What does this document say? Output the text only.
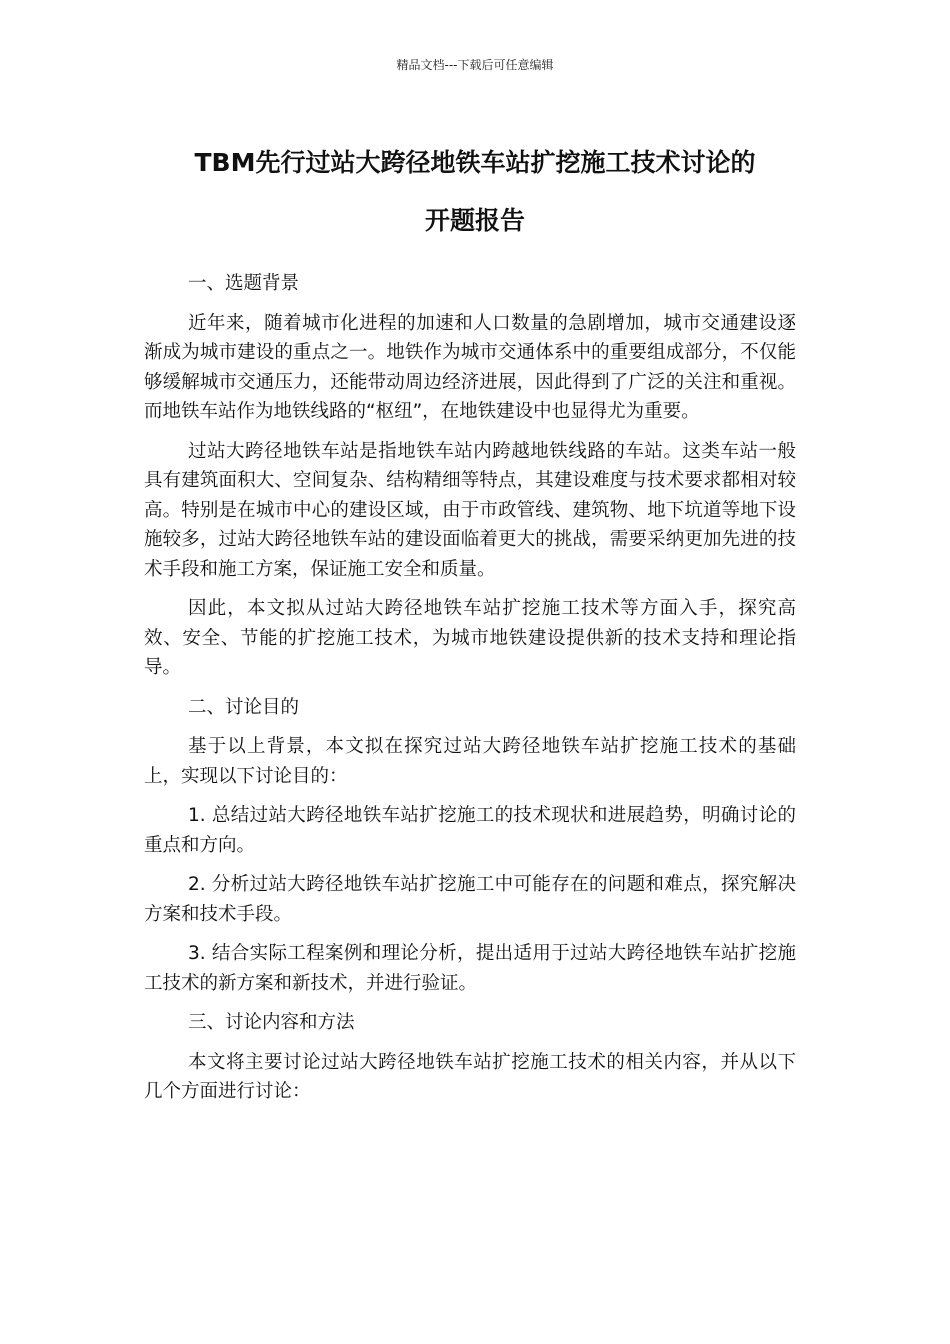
精品文档---下载后可任意编辑
TBM先行过站大跨径地铁车站扩挖施工技术讨论的
开题报告

一、选题背景

近年来，随着城市化进程的加速和人口数量的急剧增加，城市交通建设逐渐成为城市建设的重点之一。地铁作为城市交通体系中的重要组成部分，不仅能够缓解城市交通压力，还能带动周边经济进展，因此得到了广泛的关注和重视。而地铁车站作为地铁线路的“枢纽”，在地铁建设中也显得尤为重要。

过站大跨径地铁车站是指地铁车站内跨越地铁线路的车站。这类车站一般具有建筑面积大、空间复杂、结构精细等特点，其建设难度与技术要求都相对较高。特别是在城市中心的建设区域，由于市政管线、建筑物、地下坑道等地下设施较多，过站大跨径地铁车站的建设面临着更大的挑战，需要采纳更加先进的技术手段和施工方案，保证施工安全和质量。

因此，本文拟从过站大跨径地铁车站扩挖施工技术等方面入手，探究高效、安全、节能的扩挖施工技术，为城市地铁建设提供新的技术支持和理论指导。

二、讨论目的

基于以上背景，本文拟在探究过站大跨径地铁车站扩挖施工技术的基础上，实现以下讨论目的：

1. 总结过站大跨径地铁车站扩挖施工的技术现状和进展趋势，明确讨论的重点和方向。

2. 分析过站大跨径地铁车站扩挖施工中可能存在的问题和难点，探究解决方案和技术手段。

3. 结合实际工程案例和理论分析，提出适用于过站大跨径地铁车站扩挖施工技术的新方案和新技术，并进行验证。

三、讨论内容和方法

本文将主要讨论过站大跨径地铁车站扩挖施工技术的相关内容，并从以下几个方面进行讨论：
